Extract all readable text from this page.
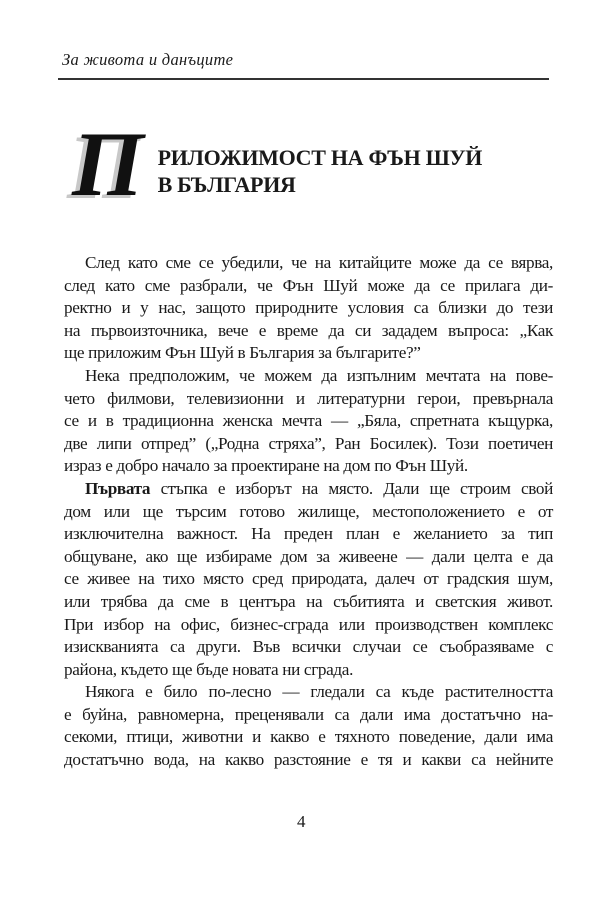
За живота и данъците
П РИЛОЖИМОСТ НА ФЪН ШУЙ
В БЪЛГАРИЯ
След като сме се убедили, че на китайците може да се вярва,
след като сме разбрали, че Фън Шуй може да се прилага ди-
ректно и у нас, защото природните условия са близки до тези
на първоизточника, вече е време да си зададем въпроса: „Как
ще приложим Фън Шуй в България за българите?”
Нека предположим, че можем да изпълним мечтата на пове-
чето филмови, телевизионни и литературни герои, превърнала
се и в традиционна женска мечта — „Бяла, спретната къщурка,
две липи отпред” („Родна стряха”, Ран Босилек). Този поетичен
израз е добро начало за проектиране на дом по Фън Шуй.
Първата стъпка е изборът на място. Дали ще строим свой
дом или ще търсим готово жилище, местоположението е от
изключителна важност. На преден план е желанието за тип
общуване, ако ще избираме дом за живеене — дали целта е да
се живее на тихо място сред природата, далеч от градския шум,
или трябва да сме в центъра на събитията и светския живот.
При избор на офис, бизнес-сграда или производствен комплекс
изискванията са други. Във всички случаи се съобразяваме с
района, където ще бъде новата ни сграда.
Някога е било по-лесно — гледали са къде растителността
е буйна, равномерна, преценявали са дали има достатъчно на-
секоми, птици, животни и какво е тяхното поведение, дали има
достатъчно вода, на какво разстояние е тя и какви са нейните
4
